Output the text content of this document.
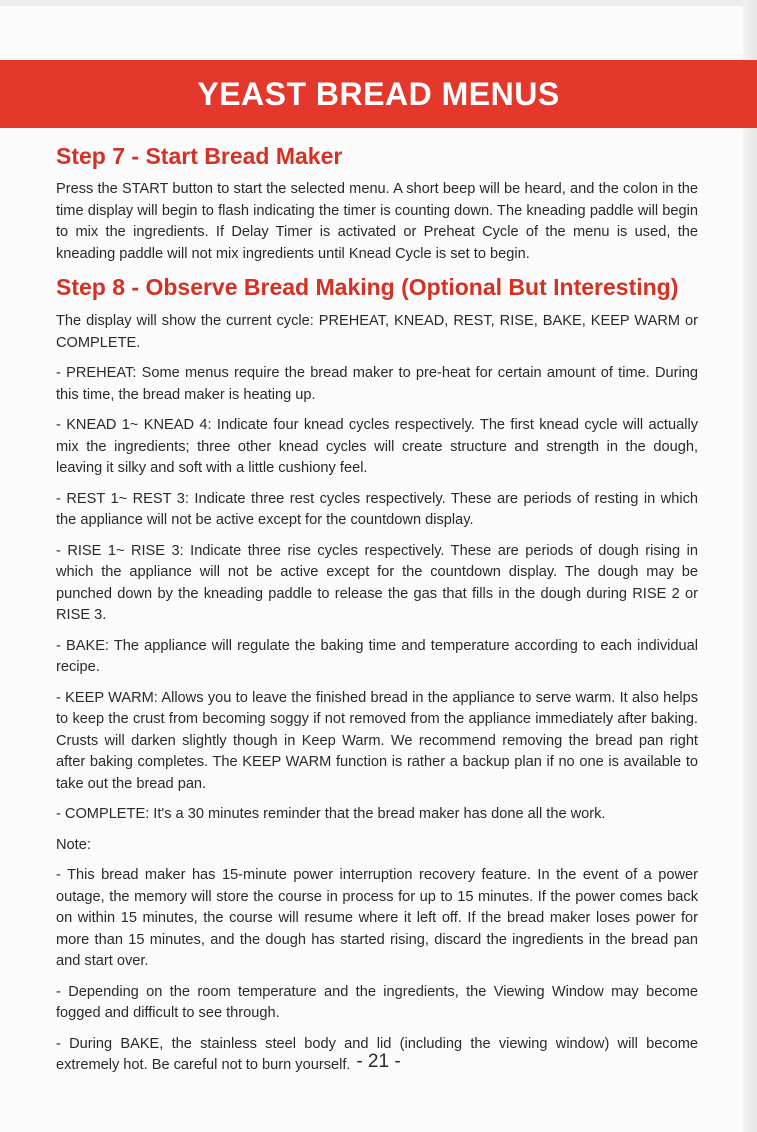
YEAST BREAD MENUS
Step 7 - Start Bread Maker

Press the START button to start the selected menu. A short beep will be heard, and the colon in the time display will begin to flash indicating the timer is counting down. The kneading paddle will begin to mix the ingredients. If Delay Timer is activated or Preheat Cycle of the menu is used, the kneading paddle will not mix ingredients until Knead Cycle is set to begin.

Step 8 - Observe Bread Making (Optional But Interesting)

The display will show the current cycle: PREHEAT, KNEAD, REST, RISE, BAKE, KEEP WARM or COMPLETE.

- PREHEAT: Some menus require the bread maker to pre-heat for certain amount of time. During this time, the bread maker is heating up.

- KNEAD 1~ KNEAD 4: Indicate four knead cycles respectively. The first knead cycle will actually mix the ingredients; three other knead cycles will create structure and strength in the dough, leaving it silky and soft with a little cushiony feel.

- REST 1~ REST 3: Indicate three rest cycles respectively. These are periods of resting in which the appliance will not be active except for the countdown display.

- RISE 1~ RISE 3: Indicate three rise cycles respectively. These are periods of dough rising in which the appliance will not be active except for the countdown display. The dough may be punched down by the kneading paddle to release the gas that fills in the dough during RISE 2 or RISE 3.

- BAKE: The appliance will regulate the baking time and temperature according to each individual recipe.

- KEEP WARM: Allows you to leave the finished bread in the appliance to serve warm. It also helps to keep the crust from becoming soggy if not removed from the appliance immediately after baking. Crusts will darken slightly though in Keep Warm. We recommend removing the bread pan right after baking completes. The KEEP WARM function is rather a backup plan if no one is available to take out the bread pan.

- COMPLETE: It's a 30 minutes reminder that the bread maker has done all the work.

Note:

- This bread maker has 15-minute power interruption recovery feature. In the event of a power outage, the memory will store the course in process for up to 15 minutes. If the power comes back on within 15 minutes, the course will resume where it left off. If the bread maker loses power for more than 15 minutes, and the dough has started rising, discard the ingredients in the bread pan and start over.

- Depending on the room temperature and the ingredients, the Viewing Window may become fogged and difficult to see through.

- During BAKE, the stainless steel body and lid (including the viewing window) will become extremely hot. Be careful not to burn yourself. - 21 -
